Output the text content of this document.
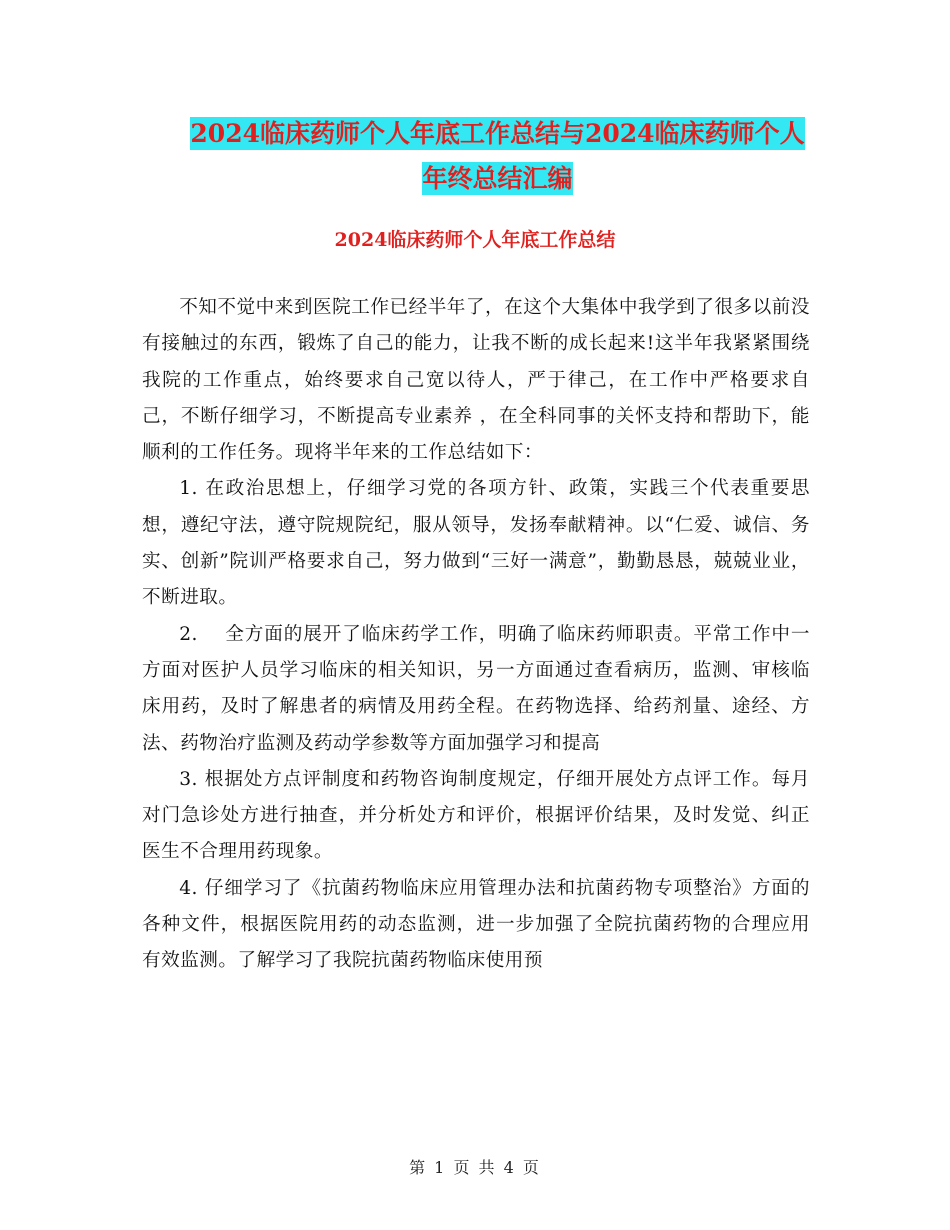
2024临床药师个人年底工作总结与2024临床药师个人
年终总结汇编
2024临床药师个人年底工作总结

不知不觉中来到医院工作已经半年了，在这个大集体中我学到了很多以前没有接触过的东西，锻炼了自己的能力，让我不断的成长起来!这半年我紧紧围绕我院的工作重点，始终要求自己宽以待人，严于律己，在工作中严格要求自己，不断仔细学习，不断提高专业素养 ，在全科同事的关怀支持和帮助下，能顺利的工作任务。现将半年来的工作总结如下：

1. 在政治思想上，仔细学习党的各项方针、政策，实践三个代表重要思想，遵纪守法，遵守院规院纪，服从领导，发扬奉献精神。以“仁爱、诚信、务实、创新”院训严格要求自己，努力做到“三好一满意”，勤勤恳恳，兢兢业业，不断进取。

2.    全方面的展开了临床药学工作，明确了临床药师职责。平常工作中一方面对医护人员学习临床的相关知识，另一方面通过查看病历，监测、审核临床用药，及时了解患者的病情及用药全程。在药物选择、给药剂量、途经、方法、药物治疗监测及药动学参数等方面加强学习和提高

3. 根据处方点评制度和药物咨询制度规定，仔细开展处方点评工作。每月对门急诊处方进行抽查，并分析处方和评价，根据评价结果，及时发觉、纠正医生不合理用药现象。

4. 仔细学习了《抗菌药物临床应用管理办法和抗菌药物专项整治》方面的各种文件，根据医院用药的动态监测，进一步加强了全院抗菌药物的合理应用有效监测。了解学习了我院抗菌药物临床使用预

第 1 页 共 4 页
